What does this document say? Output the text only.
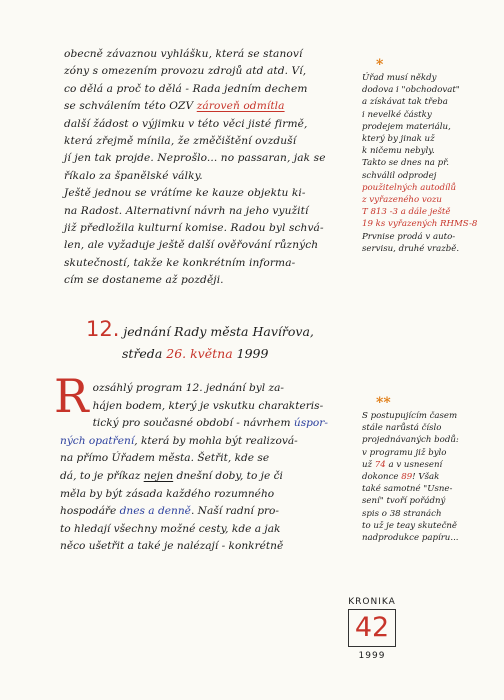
obecně závaznou vyhlášku, která se stanoví

zóny s omezením provozu zdrojů atd atd. Ví,

co dělá a proč to dělá - Rada jedním dechem

se schválením této OZV zároveň odmítla

další žádost o výjimku v této věci jisté firmě,

která zřejmě mínila, že změčištění ovzduší

jí jen tak projde. Neprošlo... no passaran, jak se

říkalo za španělské války.

Ještě jednou se vrátíme ke kauze objektu ki-

na Radost. Alternativní návrh na jeho využití

již předložila kulturní komise. Radou byl schvá-

len, ale vyžaduje ještě další ověřování různých

skutečností, takže ke konkrétním informa-

cím se dostaneme až později.

*

Úřad musí někdy

dodova i "obchodovat"

a získávat tak třeba

i nevelké částky

prodejem materiálu,

který by jinak už

k ničemu nebyly.

Takto se dnes na př.

schválil odprodej

použitelných autodílů

z vyřazeného vozu

T 813 -3 a dále ještě

19 ks vyřazených RHMS-8

Prvnise prodá v auto-

servisu, druhé vrazbě.

12. jednání Rady města Havířova,
středa 26. května 1999
R ozsáhlý program 12. jednání byl za-

hájen bodem, který je vskutku charakteris-

tický pro současné období - návrhem úspor-

ných opatření, která by mohla být realizová-

na přímo Úřadem města. Šetřit, kde se

dá, to je příkaz nejen dnešní doby, to je či

měla by být zásada každého rozumného

hospodáře dnes a denně. Naší radní pro-

to hledají všechny možné cesty, kde a jak

něco ušetřit a také je nalézají - konkrétně

**

S postupujícím časem

stále narůstá číslo

projednávaných bodů:

v programu již bylo

už 74 a v usnesení

dokonce 89! Však

také samotné "Usne-

sení" tvoří pořádný

spis o 38 stranách

to už je teay skutečně

nadprodukce papíru...

KRONIKA
42
1999
